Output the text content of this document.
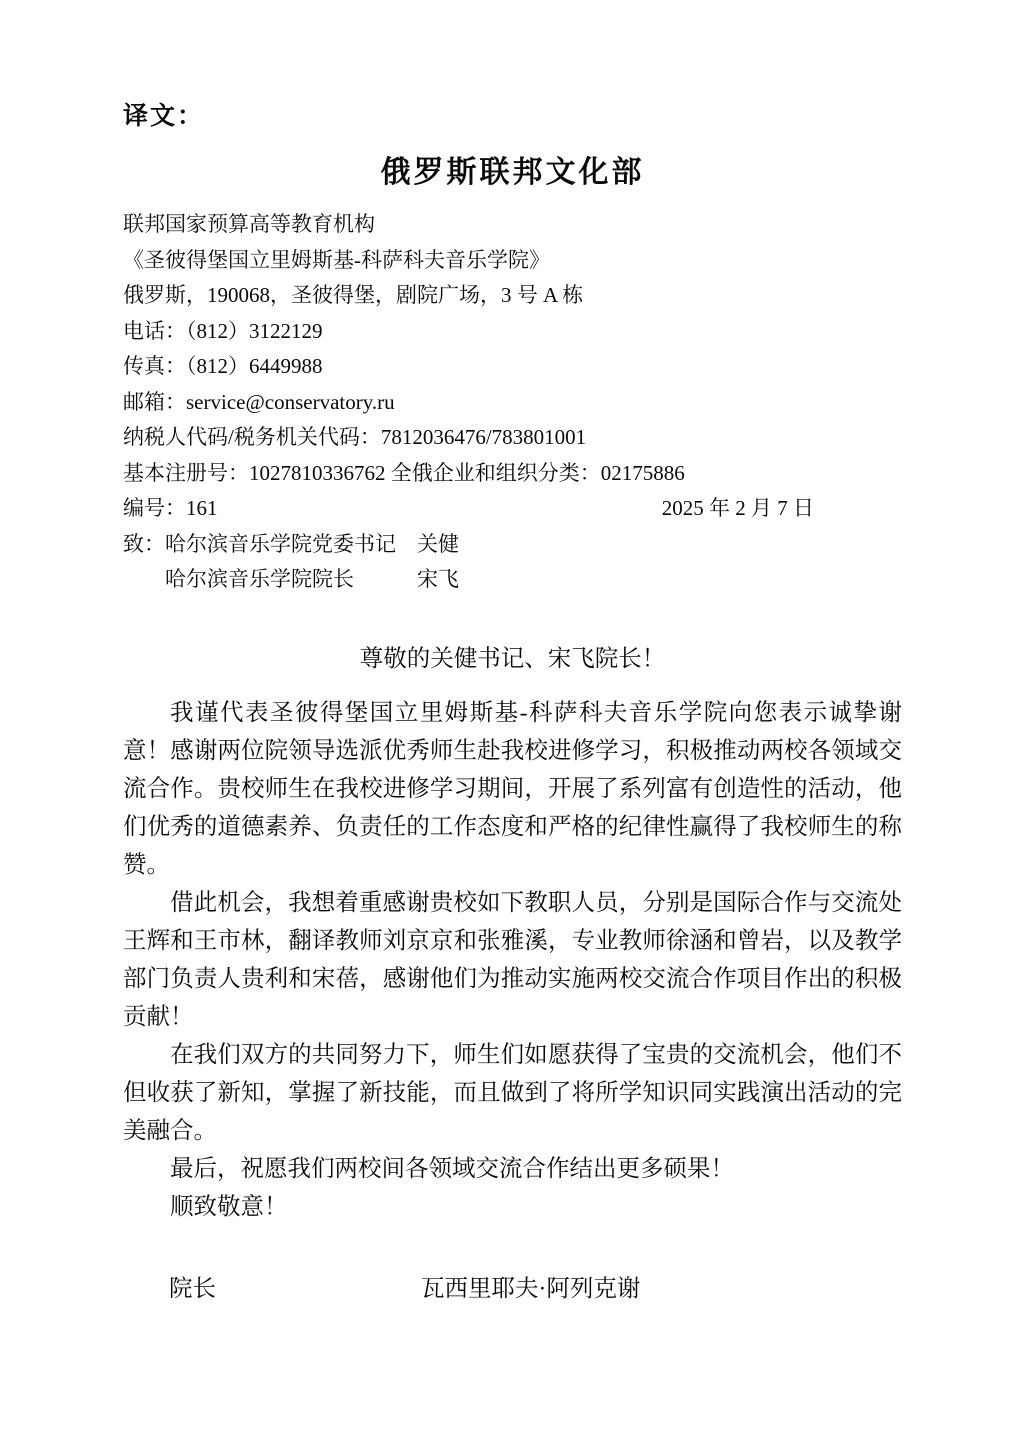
译文：
俄罗斯联邦文化部
联邦国家预算高等教育机构
《圣彼得堡国立里姆斯基-科萨科夫音乐学院》
俄罗斯，190068，圣彼得堡，剧院广场，3 号 A 栋
电话：（812）3122129
传真：（812）6449988
邮箱：service@conservatory.ru
纳税人代码/税务机关代码：7812036476/783801001
基本注册号：1027810336762 全俄企业和组织分类：02175886
编号：161	2025 年 2 月 7 日
致：哈尔滨音乐学院党委书记　关健
　　哈尔滨音乐学院院长　　　宋飞
尊敬的关健书记、宋飞院长！
我谨代表圣彼得堡国立里姆斯基-科萨科夫音乐学院向您表示诚挚谢意！感谢两位院领导选派优秀师生赴我校进修学习，积极推动两校各领域交流合作。贵校师生在我校进修学习期间，开展了系列富有创造性的活动，他们优秀的道德素养、负责任的工作态度和严格的纪律性赢得了我校师生的称赞。
借此机会，我想着重感谢贵校如下教职人员，分别是国际合作与交流处王辉和王市林，翻译教师刘京京和张雅溪，专业教师徐涵和曾岩，以及教学部门负责人贵利和宋蓓，感谢他们为推动实施两校交流合作项目作出的积极贡献！
在我们双方的共同努力下，师生们如愿获得了宝贵的交流机会，他们不但收获了新知，掌握了新技能，而且做到了将所学知识同实践演出活动的完美融合。
最后，祝愿我们两校间各领域交流合作结出更多硕果！
顺致敬意！
院长	瓦西里耶夫·阿列克谢
